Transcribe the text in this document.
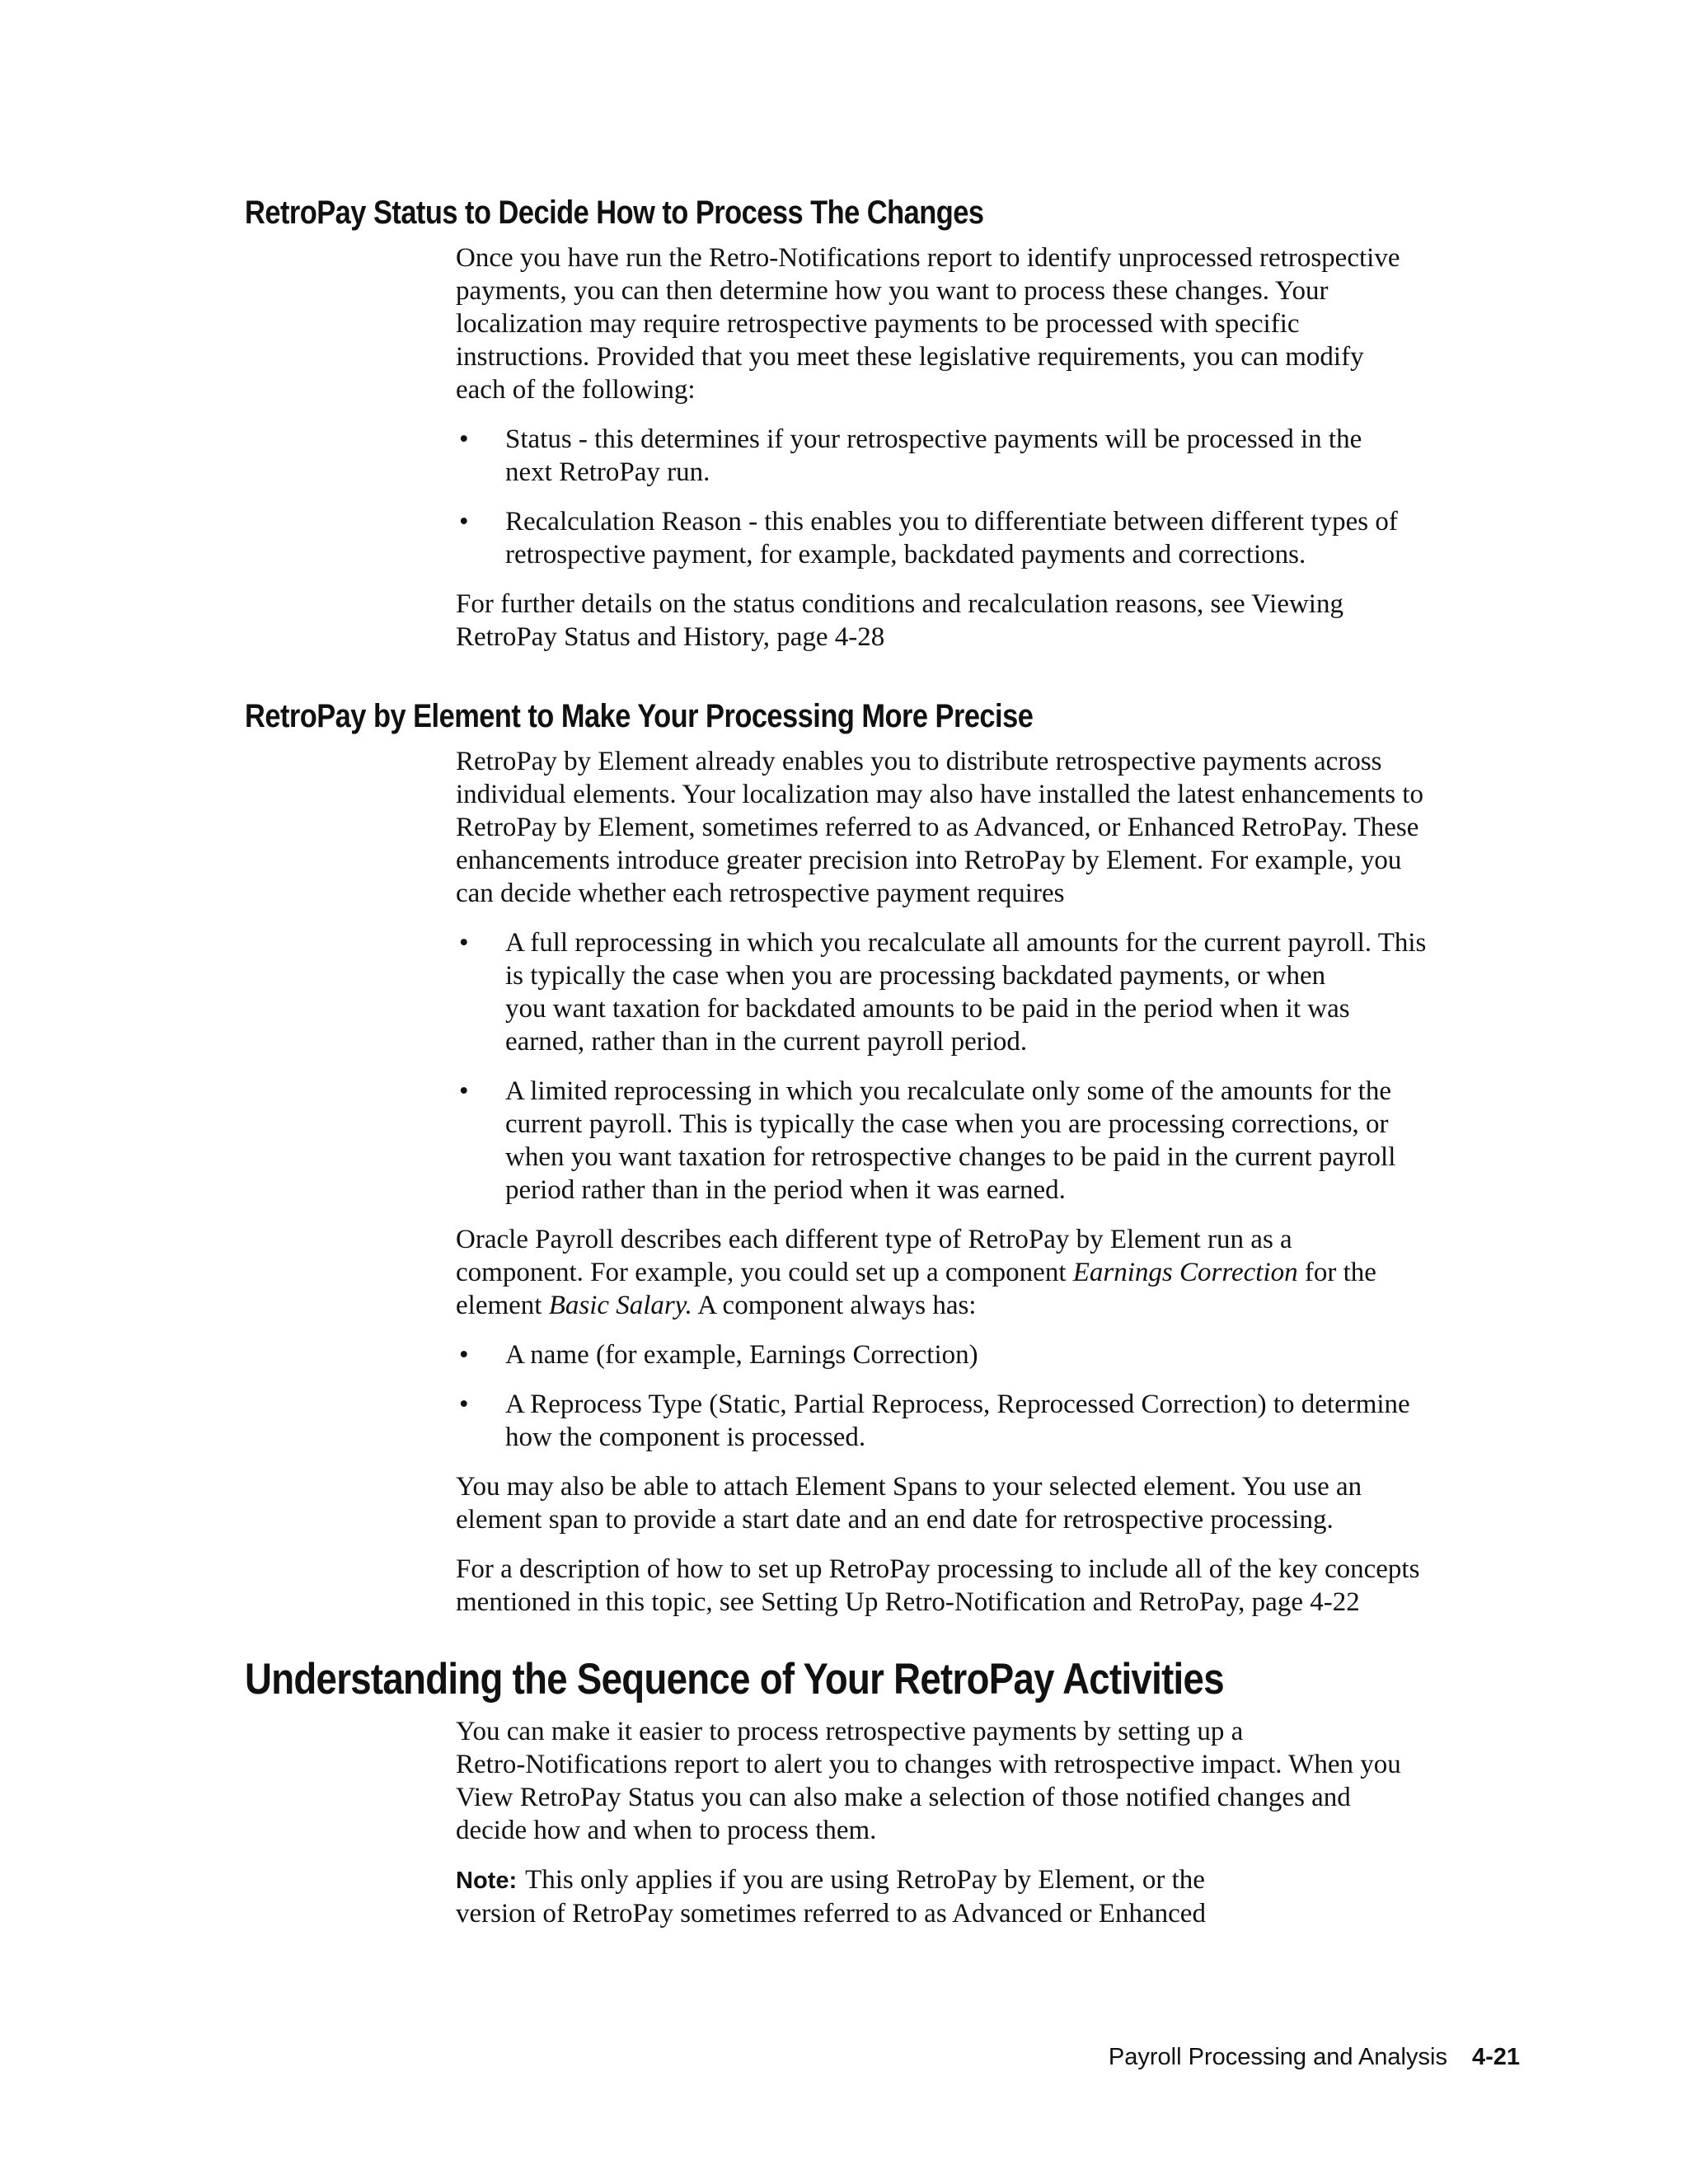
RetroPay Status to Decide How to Process The Changes

Once you have run the Retro-Notifications report to identify unprocessed retrospective
payments, you can then determine how you want to process these changes. Your
localization may require retrospective payments to be processed with specific
instructions. Provided that you meet these legislative requirements, you can modify
each of the following:

• Status - this determines if your retrospective payments will be processed in the
next RetroPay run.
• Recalculation Reason - this enables you to differentiate between different types of
retrospective payment, for example, backdated payments and corrections.

For further details on the status conditions and recalculation reasons, see Viewing
RetroPay Status and History, page 4-28

RetroPay by Element to Make Your Processing More Precise

RetroPay by Element already enables you to distribute retrospective payments across
individual elements. Your localization may also have installed the latest enhancements to
RetroPay by Element, sometimes referred to as Advanced, or Enhanced RetroPay. These
enhancements introduce greater precision into RetroPay by Element. For example, you
can decide whether each retrospective payment requires

• A full reprocessing in which you recalculate all amounts for the current payroll. This
is typically the case when you are processing backdated payments, or when
you want taxation for backdated amounts to be paid in the period when it was
earned, rather than in the current payroll period.
• A limited reprocessing in which you recalculate only some of the amounts for the
current payroll. This is typically the case when you are processing corrections, or
when you want taxation for retrospective changes to be paid in the current payroll
period rather than in the period when it was earned.

Oracle Payroll describes each different type of RetroPay by Element run as a
component. For example, you could set up a component Earnings Correction for the
element Basic Salary. A component always has:

• A name (for example, Earnings Correction)
• A Reprocess Type (Static, Partial Reprocess, Reprocessed Correction) to determine
how the component is processed.

You may also be able to attach Element Spans to your selected element. You use an
element span to provide a start date and an end date for retrospective processing.

For a description of how to set up RetroPay processing to include all of the key concepts
mentioned in this topic, see Setting Up Retro-Notification and RetroPay, page 4-22

Understanding the Sequence of Your RetroPay Activities

You can make it easier to process retrospective payments by setting up a
Retro-Notifications report to alert you to changes with retrospective impact. When you
View RetroPay Status you can also make a selection of those notified changes and
decide how and when to process them.

Note: This only applies if you are using RetroPay by Element, or the
version of RetroPay sometimes referred to as Advanced or Enhanced

Payroll Processing and Analysis 4-21
